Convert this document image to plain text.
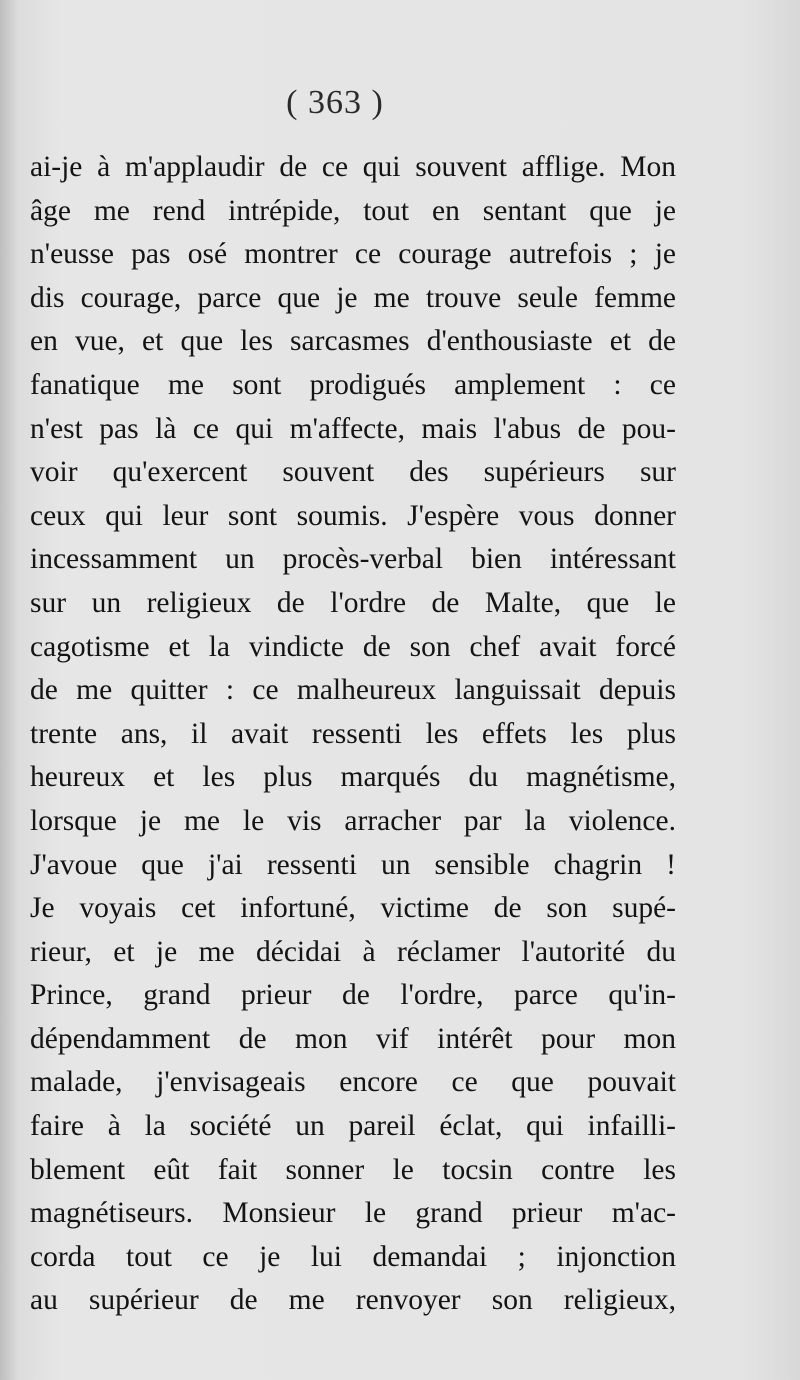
( 363 )
ai-je à m'applaudir de ce qui souvent afflige. Mon
âge me rend intrépide, tout en sentant que je
n'eusse pas osé montrer ce courage autrefois ; je
dis courage, parce que je me trouve seule femme
en vue, et que les sarcasmes d'enthousiaste et de
fanatique me sont prodigués amplement : ce
n'est pas là ce qui m'affecte, mais l'abus de pou-
voir qu'exercent souvent des supérieurs sur
ceux qui leur sont soumis. J'espère vous donner
incessamment un procès-verbal bien intéressant
sur un religieux de l'ordre de Malte, que le
cagotisme et la vindicte de son chef avait forcé
de me quitter : ce malheureux languissait depuis
trente ans, il avait ressenti les effets les plus
heureux et les plus marqués du magnétisme,
lorsque je me le vis arracher par la violence.
J'avoue que j'ai ressenti un sensible chagrin !
Je voyais cet infortuné, victime de son supé-
rieur, et je me décidai à réclamer l'autorité du
Prince, grand prieur de l'ordre, parce qu'in-
dépendamment de mon vif intérêt pour mon
malade, j'envisageais encore ce que pouvait
faire à la société un pareil éclat, qui infailli-
blement eût fait sonner le tocsin contre les
magnétiseurs. Monsieur le grand prieur m'ac-
corda tout ce je lui demandai ; injonction
au supérieur de me renvoyer son religieux,
